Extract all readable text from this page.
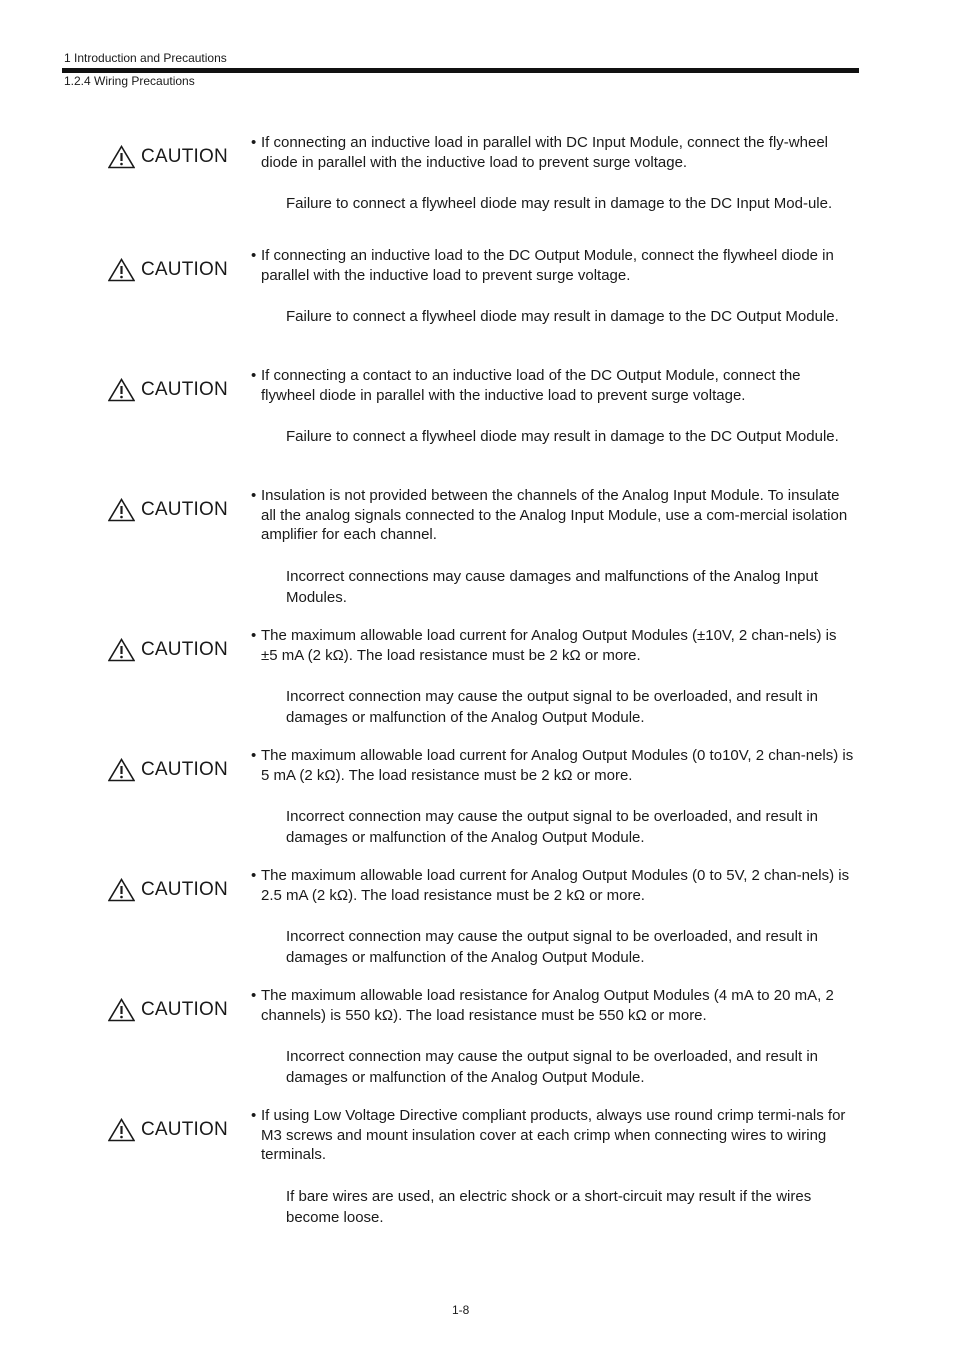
1 Introduction and Precautions
1.2.4 Wiring Precautions
CAUTION
• If connecting an inductive load in parallel with DC Input Module, connect the fly-wheel diode in parallel with the inductive load to prevent surge voltage.
Failure to connect a flywheel diode may result in damage to the DC Input Mod-ule.
CAUTION
• If connecting an inductive load to the DC Output Module, connect the flywheel diode in parallel with the inductive load to prevent surge voltage.
Failure to connect a flywheel diode may result in damage to the DC Output Module.
CAUTION
• If connecting a contact to an inductive load of the DC Output Module, connect the flywheel diode in parallel with the inductive load to prevent surge voltage.
Failure to connect a flywheel diode may result in damage to the DC Output Module.
CAUTION
• Insulation is not provided between the channels of the Analog Input Module. To insulate all the analog signals connected to the Analog Input Module, use a com-mercial isolation amplifier for each channel.
Incorrect connections may cause damages and malfunctions of the Analog Input Modules.
CAUTION
• The maximum allowable load current for Analog Output Modules (±10V, 2 chan-nels) is ±5 mA (2 kΩ). The load resistance must be 2 kΩ or more.
Incorrect connection may cause the output signal to be overloaded, and result in damages or malfunction of the Analog Output Module.
CAUTION
• The maximum allowable load current for Analog Output Modules (0 to10V, 2 chan-nels) is 5 mA (2 kΩ). The load resistance must be 2 kΩ or more.
Incorrect connection may cause the output signal to be overloaded, and result in damages or malfunction of the Analog Output Module.
CAUTION
• The maximum allowable load current for Analog Output Modules (0 to 5V, 2 chan-nels) is 2.5 mA (2 kΩ). The load resistance must be 2 kΩ or more.
Incorrect connection may cause the output signal to be overloaded, and result in damages or malfunction of the Analog Output Module.
CAUTION
• The maximum allowable load resistance for Analog Output Modules (4 mA to 20 mA, 2 channels) is 550 kΩ). The load resistance must be 550 kΩ or more.
Incorrect connection may cause the output signal to be overloaded, and result in damages or malfunction of the Analog Output Module.
CAUTION
• If using Low Voltage Directive compliant products, always use round crimp termi-nals for M3 screws and mount insulation cover at each crimp when connecting wires to wiring terminals.
If bare wires are used, an electric shock or a short-circuit may result if the wires become loose.
1-8
